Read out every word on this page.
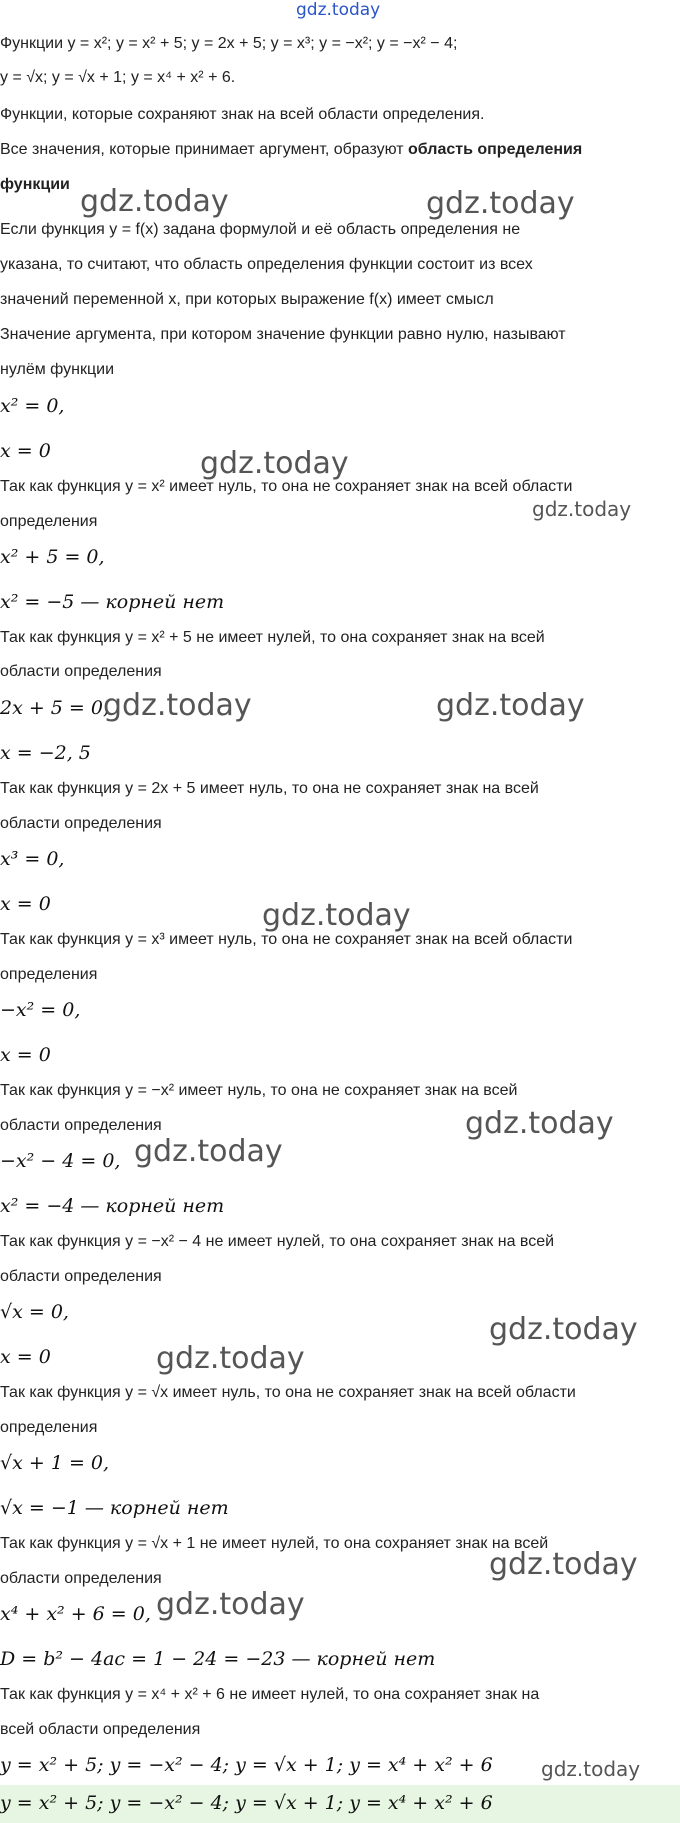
gdz.today
Функции y = x²; y = x² + 5; y = 2x + 5; y = x³; y = −x²; y = −x² − 4;
y = √x; y = √x + 1; y = x⁴ + x² + 6.
Функции, которые сохраняют знак на всей области определения.
Все значения, которые принимает аргумент, образуют область определения
функции
Если функция y = f(x) задана формулой и её область определения не
указана, то считают, что область определения функции состоит из всех
значений переменной x, при которых выражение f(x) имеет смысл
Значение аргумента, при котором значение функции равно нулю, называют
нулём функции
x² = 0,
x = 0
Так как функция y = x² имеет нуль, то она не сохраняет знак на всей области
определения
x² + 5 = 0,
x² = −5 — корней нет
Так как функция y = x² + 5 не имеет нулей, то она сохраняет знак на всей
области определения
2x + 5 = 0,
x = −2, 5
Так как функция y = 2x + 5 имеет нуль, то она не сохраняет знак на всей
области определения
x³ = 0,
x = 0
Так как функция y = x³ имеет нуль, то она не сохраняет знак на всей области
определения
−x² = 0,
x = 0
Так как функция y = −x² имеет нуль, то она не сохраняет знак на всей
области определения
−x² − 4 = 0,
x² = −4 — корней нет
Так как функция y = −x² − 4 не имеет нулей, то она сохраняет знак на всей
области определения
√x = 0,
x = 0
Так как функция y = √x имеет нуль, то она не сохраняет знак на всей области
определения
√x + 1 = 0,
√x = −1 — корней нет
Так как функция y = √x + 1 не имеет нулей, то она сохраняет знак на всей
области определения
x⁴ + x² + 6 = 0,
D = b² − 4ac = 1 − 24 = −23 — корней нет
Так как функция y = x⁴ + x² + 6 не имеет нулей, то она сохраняет знак на
всей области определения
y = x² + 5; y = −x² − 4; y = √x + 1; y = x⁴ + x² + 6
y = x² + 5; y = −x² − 4; y = √x + 1; y = x⁴ + x² + 6
gdz.today	gdz.today
gdz.today
gdz.today
gdz.today	gdz.today
gdz.today
gdz.today
gdz.today
gdz.today
gdz.today
gdz.today
gdz.today
gdz.today
